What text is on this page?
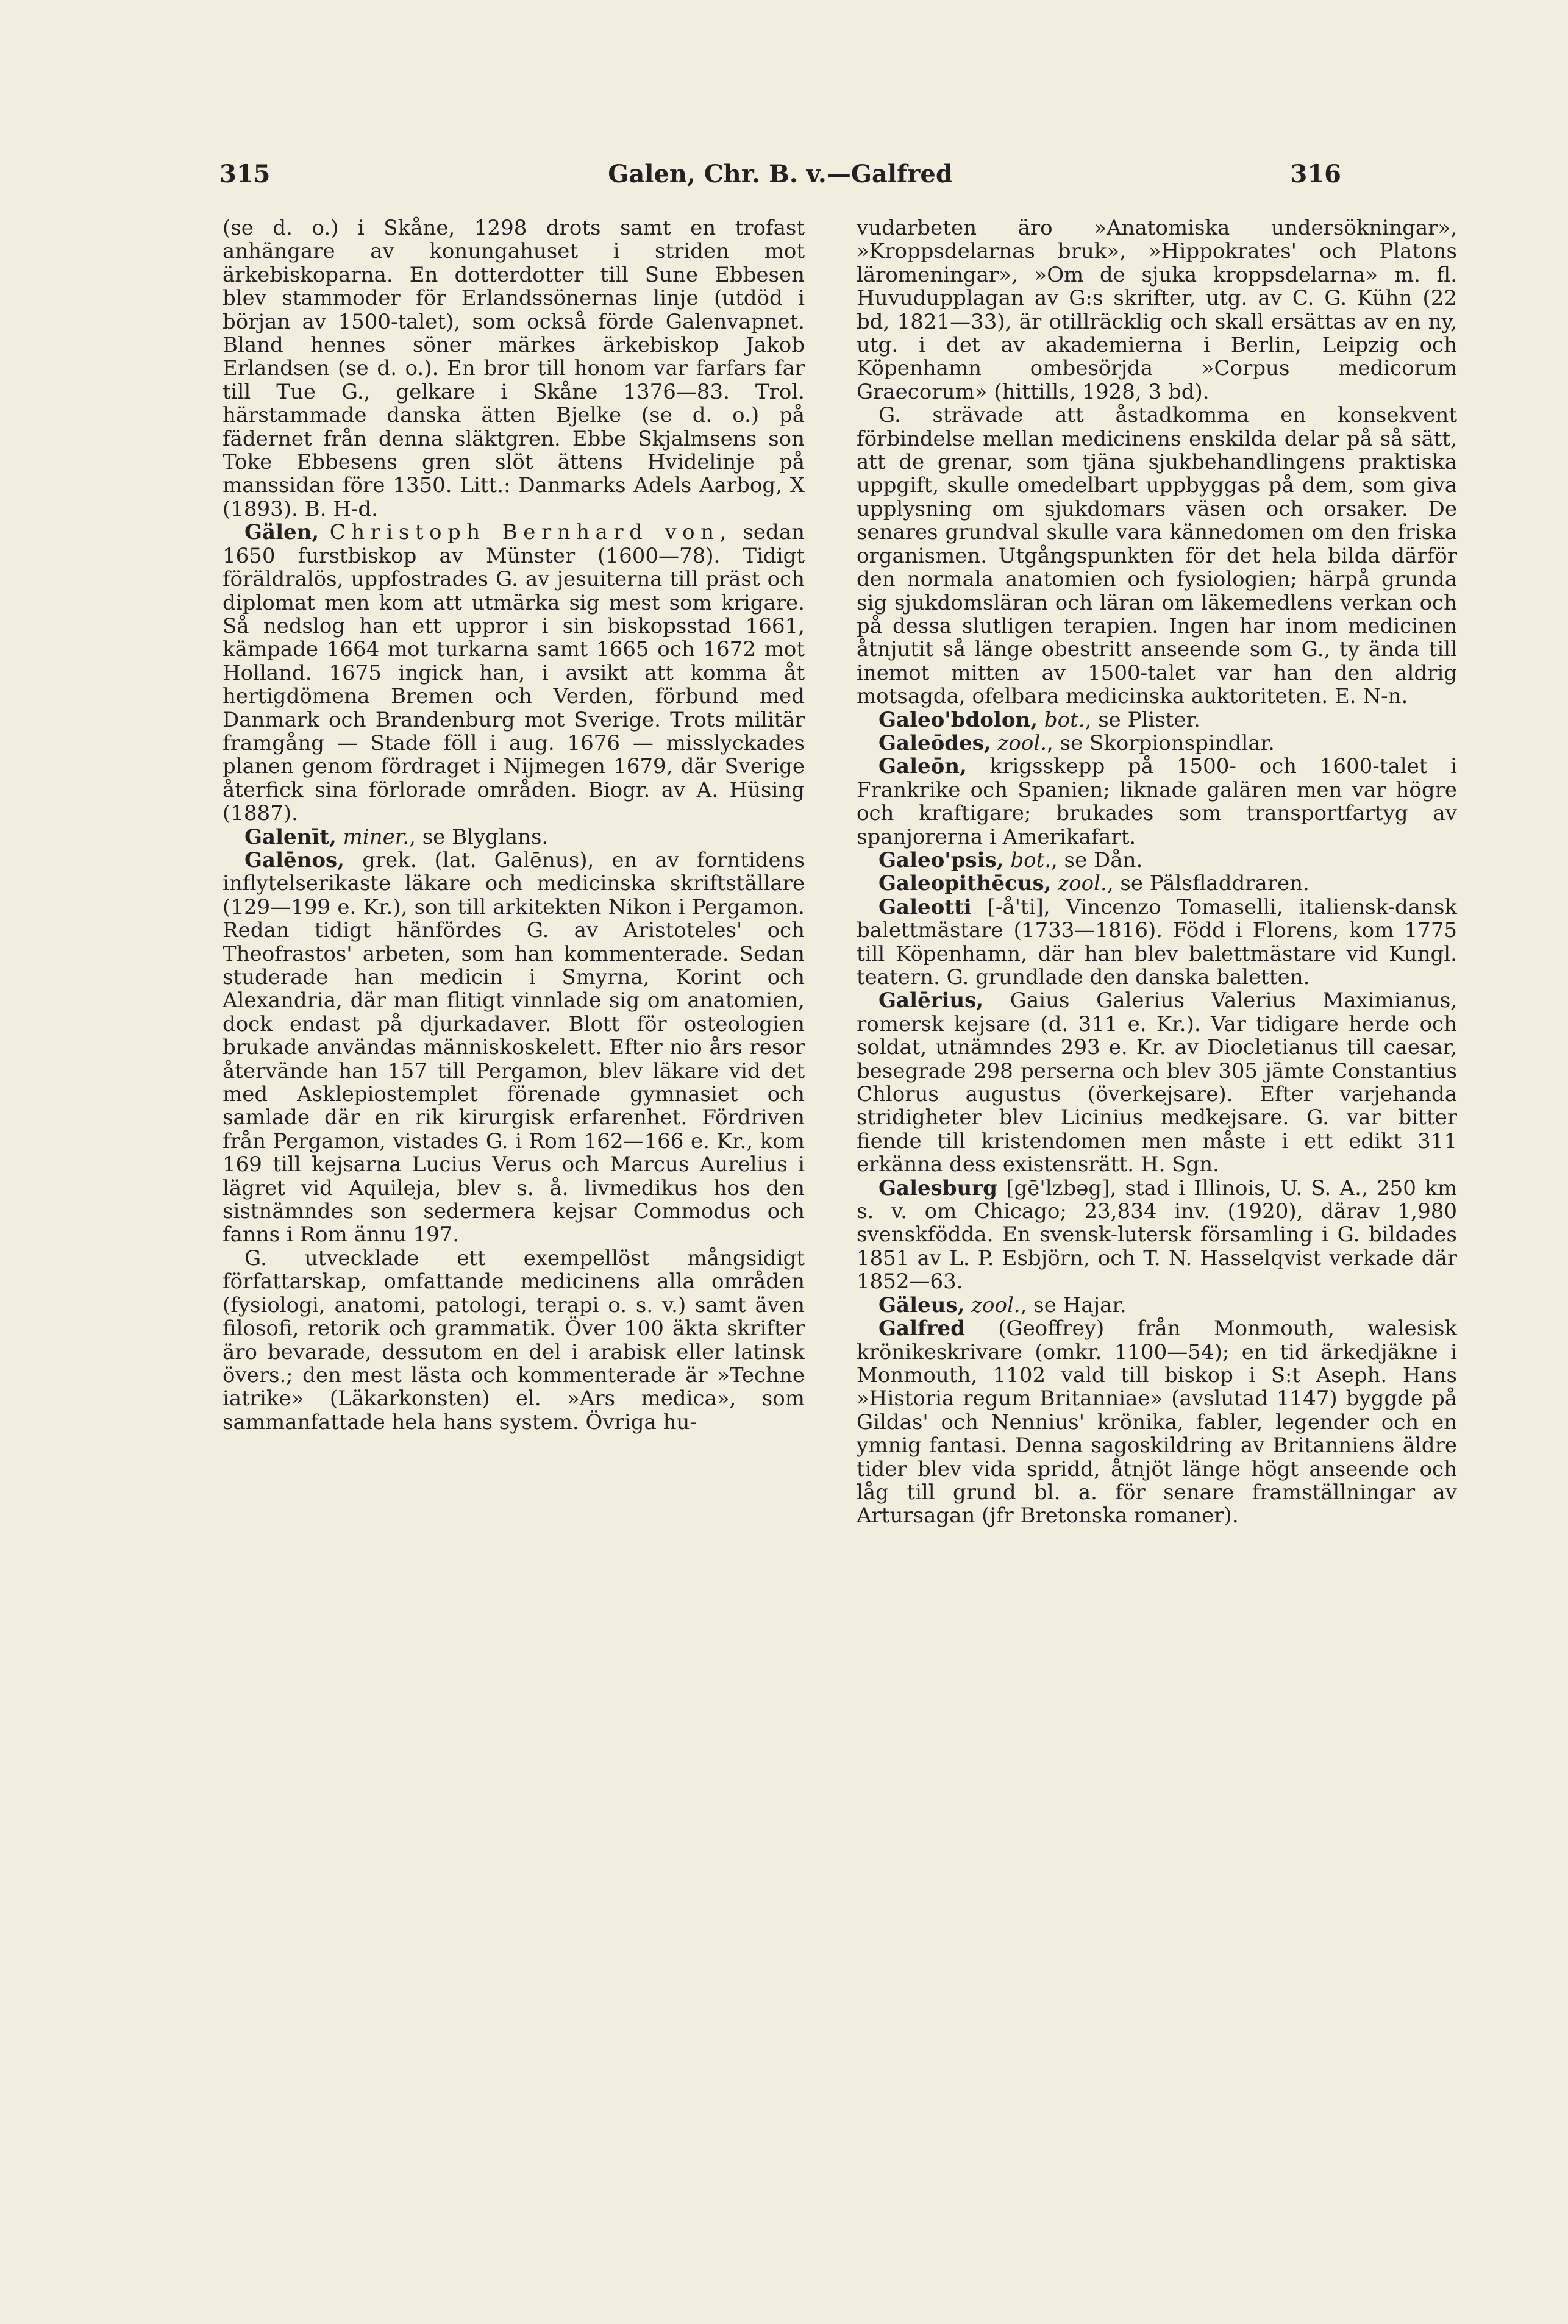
315	Galen, Chr. B. v.—Galfred	316

(se d. o.) i Skåne, 1298 drots samt en trofast anhängare av konungahuset i striden mot ärkebiskoparna. En dotterdotter till Sune Ebbesen blev stammoder för Erlandssönernas linje (utdöd i början av 1500-talet), som också förde Galenvapnet. Bland hennes söner märkes ärkebiskop Jakob Erlandsen (se d. o.). En bror till honom var farfars far till Tue G., gelkare i Skåne 1376—83. Trol. härstammade danska ätten Bjelke (se d. o.) på fädernet från denna släktgren. Ebbe Skjalmsens son Toke Ebbesens gren slöt ättens Hvidelinje på manssidan före 1350. Litt.: Danmarks Adels Aarbog, X (1893). B. H-d.

Gälen, Christoph Bernhard von, sedan 1650 furstbiskop av Münster (1600—78). Tidigt föräldralös, uppfostrades G. av jesuiterna till präst och diplomat men kom att utmärka sig mest som krigare. Så nedslog han ett uppror i sin biskopsstad 1661, kämpade 1664 mot turkarna samt 1665 och 1672 mot Holland. 1675 ingick han, i avsikt att komma åt hertigdömena Bremen och Verden, förbund med Danmark och Brandenburg mot Sverige. Trots militär framgång — Stade föll i aug. 1676 — misslyckades planen genom fördraget i Nijmegen 1679, där Sverige återfick sina förlorade områden. Biogr. av A. Hüsing (1887).

Galenīt, miner., se Blyglans.

Galēnos, grek. (lat. Galēnus), en av forntidens inflytelserikaste läkare och medicinska skriftställare (129—199 e. Kr.), son till arkitekten Nikon i Pergamon. Redan tidigt hänfördes G. av Aristoteles' och Theofrastos' arbeten, som han kommenterade. Sedan studerade han medicin i Smyrna, Korint och Alexandria, där man flitigt vinnlade sig om anatomien, dock endast på djurkadaver. Blott för osteologien brukade användas människoskelett. Efter nio års resor återvände han 157 till Pergamon, blev läkare vid det med Asklepiostemplet förenade gymnasiet och samlade där en rik kirurgisk erfarenhet. Fördriven från Pergamon, vistades G. i Rom 162—166 e. Kr., kom 169 till kejsarna Lucius Verus och Marcus Aurelius i lägret vid Aquileja, blev s. å. livmedikus hos den sistnämndes son sedermera kejsar Commodus och fanns i Rom ännu 197.

G. utvecklade ett exempellöst mångsidigt författarskap, omfattande medicinens alla områden (fysiologi, anatomi, patologi, terapi o. s. v.) samt även filosofi, retorik och grammatik. Över 100 äkta skrifter äro bevarade, dessutom en del i arabisk eller latinsk övers.; den mest lästa och kommenterade är »Techne iatrike» (Läkarkonsten) el. »Ars medica», som sammanfattade hela hans system. Övriga hu-

vudarbeten äro »Anatomiska undersökningar», »Kroppsdelarnas bruk», »Hippokrates' och Platons läromeningar», »Om de sjuka kroppsdelarna» m. fl. Huvudupplagan av G:s skrifter, utg. av C. G. Kühn (22 bd, 1821—33), är otillräcklig och skall ersättas av en ny, utg. i det av akademierna i Berlin, Leipzig och Köpenhamn ombesörjda »Corpus medicorum Graecorum» (hittills, 1928, 3 bd).

G. strävade att åstadkomma en konsekvent förbindelse mellan medicinens enskilda delar på så sätt, att de grenar, som tjäna sjukbehandlingens praktiska uppgift, skulle omedelbart uppbyggas på dem, som giva upplysning om sjukdomars väsen och orsaker. De senares grundval skulle vara kännedomen om den friska organismen. Utgångspunkten för det hela bilda därför den normala anatomien och fysiologien; härpå grunda sig sjukdomsläran och läran om läkemedlens verkan och på dessa slutligen terapien. Ingen har inom medicinen åtnjutit så länge obestritt anseende som G., ty ända till inemot mitten av 1500-talet var han den aldrig motsagda, ofelbara medicinska auktoriteten. E. N-n.

Galeo'bdolon, bot., se Plister.

Galeōdes, zool., se Skorpionspindlar.

Galeōn, krigsskepp på 1500- och 1600-talet i Frankrike och Spanien; liknade galären men var högre och kraftigare; brukades som transportfartyg av spanjorerna i Amerikafart.

Galeo'psis, bot., se Dån.

Galeopithēcus, zool., se Pälsfladdraren.

Galeotti [-å'ti], Vincenzo Tomaselli, italiensk-dansk balettmästare (1733—1816). Född i Florens, kom 1775 till Köpenhamn, där han blev balettmästare vid Kungl. teatern. G. grundlade den danska baletten.

Galērius, Gaius Galerius Valerius Maximianus, romersk kejsare (d. 311 e. Kr.). Var tidigare herde och soldat, utnämndes 293 e. Kr. av Diocletianus till caesar, besegrade 298 perserna och blev 305 jämte Constantius Chlorus augustus (överkejsare). Efter varjehanda stridigheter blev Licinius medkejsare. G. var bitter fiende till kristendomen men måste i ett edikt 311 erkänna dess existensrätt. H. Sgn.

Galesburg [gē'lzbǝg], stad i Illinois, U. S. A., 250 km s. v. om Chicago; 23,834 inv. (1920), därav 1,980 svenskfödda. En svensk-lutersk församling i G. bildades 1851 av L. P. Esbjörn, och T. N. Hasselqvist verkade där 1852—63.

Gäleus, zool., se Hajar.

Galfred (Geoffrey) från Monmouth, walesisk krönikeskrivare (omkr. 1100—54); en tid ärkedjäkne i Monmouth, 1102 vald till biskop i S:t Aseph. Hans »Historia regum Britanniae» (avslutad 1147) byggde på Gildas' och Nennius' krönika, fabler, legender och en ymnig fantasi. Denna sagoskildring av Britanniens äldre tider blev vida spridd, åtnjöt länge högt anseende och låg till grund bl. a. för senare framställningar av Artursagan (jfr Bretonska romaner).
